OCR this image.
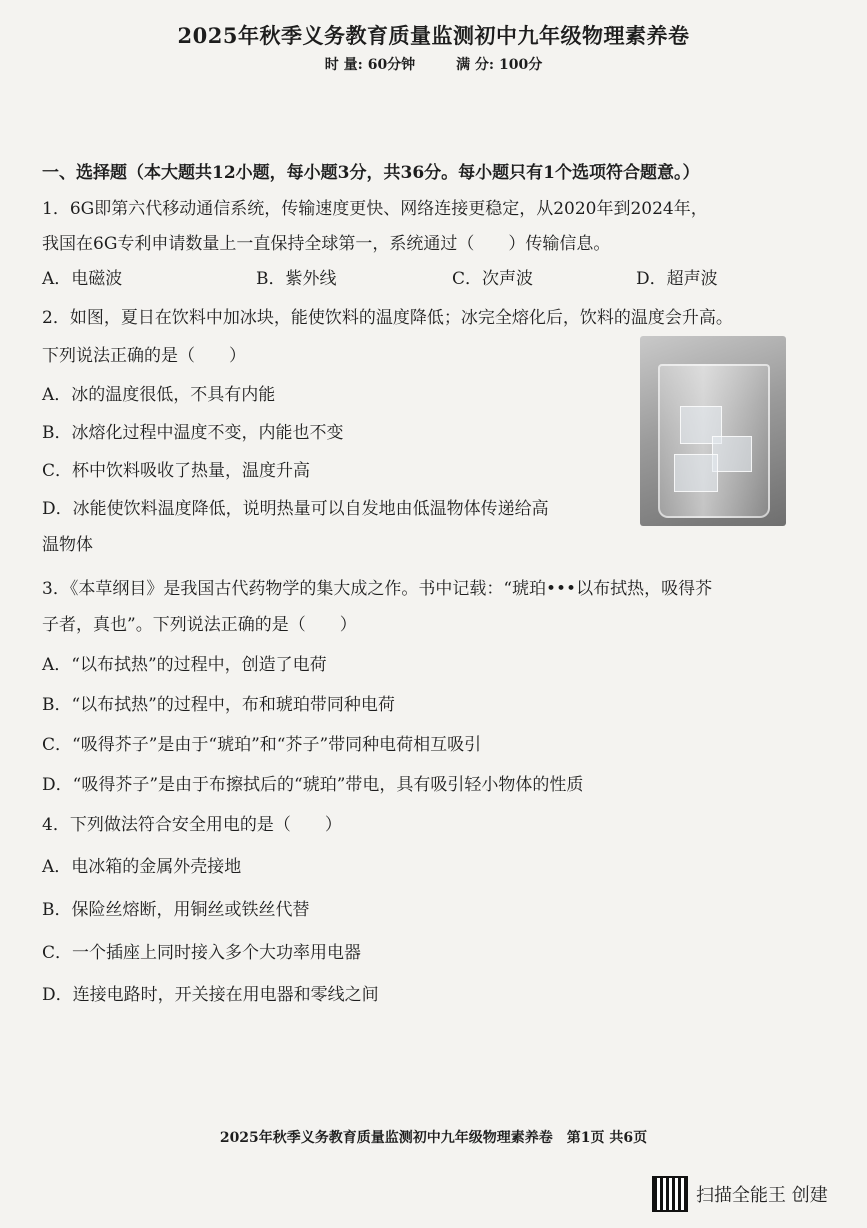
2025年秋季义务教育质量监测初中九年级物理素养卷
时 量: 60分钟	满 分: 100分
一、选择题（本大题共12小题，每小题3分，共36分。每小题只有1个选项符合题意。）
1．6G即第六代移动通信系统，传输速度更快、网络连接更稳定，从2020年到2024年，
我国在6G专利申请数量上一直保持全球第一，系统通过（　　）传输信息。
A．电磁波	B．紫外线	C．次声波	D．超声波
2．如图，夏日在饮料中加冰块，能使饮料的温度降低；冰完全熔化后，饮料的温度会升高。
下列说法正确的是（　　）
A．冰的温度很低，不具有内能
B．冰熔化过程中温度不变，内能也不变
C．杯中饮料吸收了热量，温度升高
D．冰能使饮料温度降低，说明热量可以自发地由低温物体传递给高
温物体
3．《本草纲目》是我国古代药物学的集大成之作。书中记载：“琥珀•••以布拭热，吸得芥
子者，真也”。下列说法正确的是（　　）
A．“以布拭热”的过程中，创造了电荷
B．“以布拭热”的过程中，布和琥珀带同种电荷
C．“吸得芥子”是由于“琥珀”和“芥子”带同种电荷相互吸引
D．“吸得芥子”是由于布擦拭后的“琥珀”带电，具有吸引轻小物体的性质
4．下列做法符合安全用电的是（　　）
A．电冰箱的金属外壳接地
B．保险丝熔断，用铜丝或铁丝代替
C．一个插座上同时接入多个大功率用电器
D．连接电路时，开关接在用电器和零线之间
2025年秋季义务教育质量监测初中九年级物理素养卷　第1页 共6页
扫描全能王 创建
